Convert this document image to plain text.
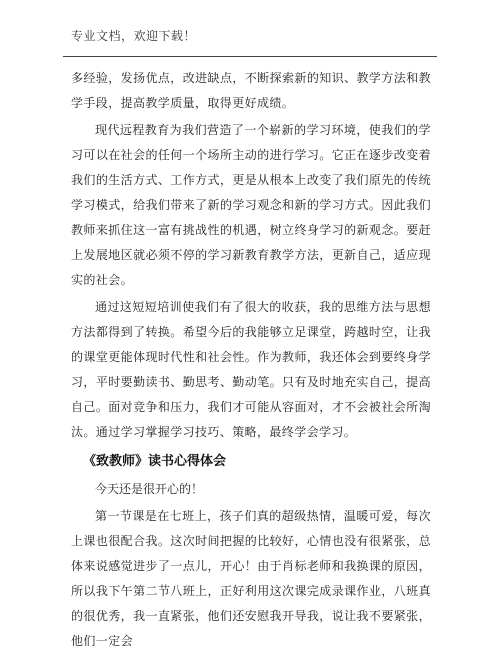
专业文档，欢迎下载！

多经验，发扬优点，改进缺点，不断探索新的知识、教学方法和教学手段，提高教学质量，取得更好成绩。

现代远程教育为我们营造了一个崭新的学习环境，使我们的学习可以在社会的任何一个场所主动的进行学习。它正在逐步改变着我们的生活方式、工作方式，更是从根本上改变了我们原先的传统学习模式，给我们带来了新的学习观念和新的学习方式。因此我们教师来抓住这一富有挑战性的机遇，树立终身学习的新观念。要赶上发展地区就必须不停的学习新教育教学方法，更新自己，适应现实的社会。

通过这短短培训使我们有了很大的收获，我的思维方法与思想方法都得到了转换。希望今后的我能够立足课堂，跨越时空，让我的课堂更能体现时代性和社会性。作为教师，我还体会到要终身学习，平时要勤读书、勤思考、勤动笔。只有及时地充实自己，提高自己。面对竞争和压力，我们才可能从容面对，才不会被社会所淘汰。通过学习掌握学习技巧、策略，最终学会学习。

《致教师》读书心得体会
今天还是很开心的！

第一节课是在七班上，孩子们真的超级热情，温暖可爱，每次上课也很配合我。这次时间把握的比较好，心情也没有很紧张，总体来说感觉进步了一点儿，开心！由于肖标老师和我换课的原因，所以我下午第二节八班上，正好利用这次课完成录课作业，八班真的很优秀，我一直紧张，他们还安慰我开导我，说让我不要紧张，他们一定会
